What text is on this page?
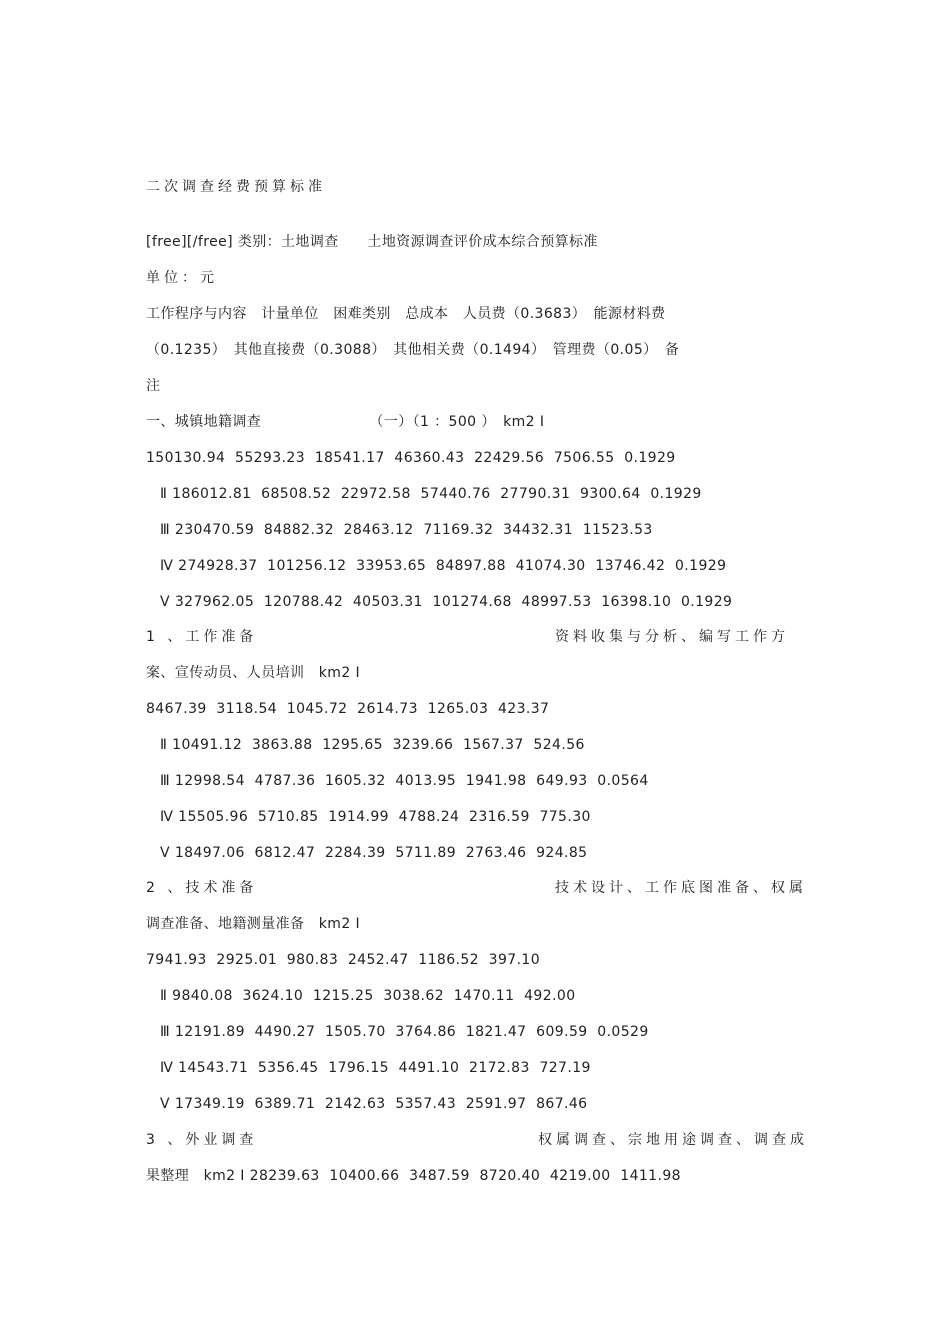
二次调查经费预算标准
[free][/free] 类别：土地调查　　土地资源调查评价成本综合预算标准
单位：元
工作程序与内容　计量单位　困难类别　总成本　人员费（0.3683）　能源材料费
（0.1235）　其他直接费（0.3088）　其他相关费（0.1494）　管理费（0.05）　备
注
一、城镇地籍调查　　　　　　　　（一）（1 ：500 ）　km2 Ⅰ
150130.94  55293.23  18541.17  46360.43  22429.56  7506.55  0.1929
Ⅱ 186012.81  68508.52  22972.58  57440.76  27790.31  9300.64  0.1929
Ⅲ 230470.59  84882.32  28463.12  71169.32  34432.31  11523.53
Ⅳ 274928.37  101256.12  33953.65  84897.88  41074.30  13746.42  0.1929
Ⅴ 327962.05  120788.42  40503.31  101274.68  48997.53  16398.10  0.1929
1 、工作准备	资料收集与分析、编写工作方
案、宣传动员、人员培训　km2 Ⅰ
8467.39  3118.54  1045.72  2614.73  1265.03  423.37
Ⅱ 10491.12  3863.88  1295.65  3239.66  1567.37  524.56
Ⅲ 12998.54  4787.36  1605.32  4013.95  1941.98  649.93  0.0564
Ⅳ 15505.96  5710.85  1914.99  4788.24  2316.59  775.30
Ⅴ 18497.06  6812.47  2284.39  5711.89  2763.46  924.85
2 、技术准备	技术设计、工作底图准备、权属
调查准备、地籍测量准备　km2 Ⅰ
7941.93  2925.01  980.83  2452.47  1186.52  397.10
Ⅱ 9840.08  3624.10  1215.25  3038.62  1470.11  492.00
Ⅲ 12191.89  4490.27  1505.70  3764.86  1821.47  609.59  0.0529
Ⅳ 14543.71  5356.45  1796.15  4491.10  2172.83  727.19
Ⅴ 17349.19  6389.71  2142.63  5357.43  2591.97  867.46
3 、外业调查	权属调查、宗地用途调查、调查成
果整理　km2 Ⅰ 28239.63  10400.66  3487.59  8720.40  4219.00  1411.98
